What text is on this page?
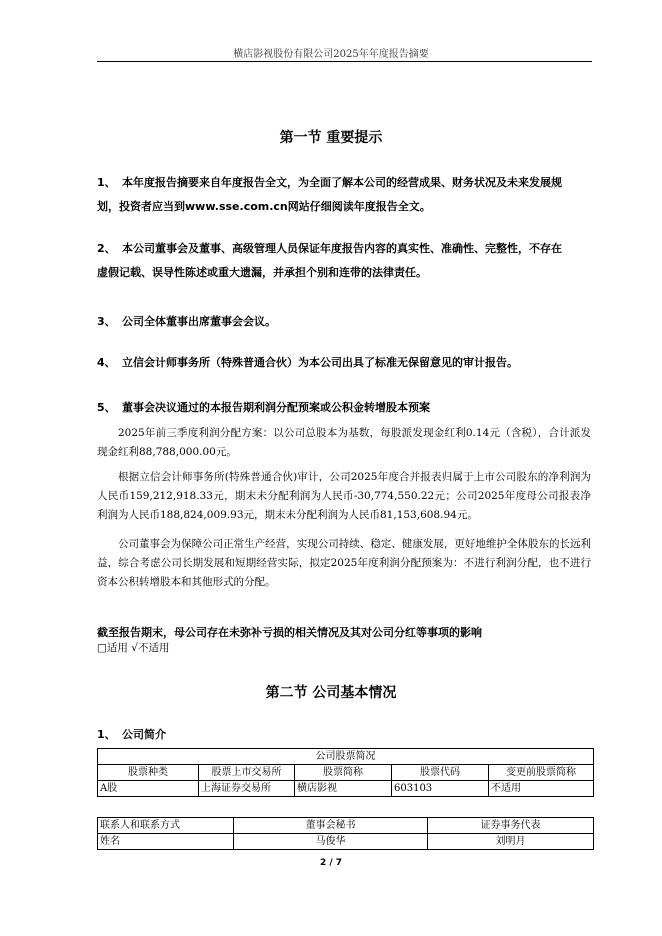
横店影视股份有限公司2025年年度报告摘要
第一节 重要提示
1、 本年度报告摘要来自年度报告全文，为全面了解本公司的经营成果、财务状况及未来发展规
划，投资者应当到www.sse.com.cn网站仔细阅读年度报告全文。
2、 本公司董事会及董事、高级管理人员保证年度报告内容的真实性、准确性、完整性，不存在
虚假记载、误导性陈述或重大遗漏，并承担个别和连带的法律责任。
3、 公司全体董事出席董事会会议。
4、 立信会计师事务所（特殊普通合伙）为本公司出具了标准无保留意见的审计报告。
5、 董事会决议通过的本报告期利润分配预案或公积金转增股本预案
2025年前三季度利润分配方案：以公司总股本为基数，每股派发现金红利0.14元（含税），合计派发现金红利88,788,000.00元。
根据立信会计师事务所(特殊普通合伙)审计，公司2025年度合并报表归属于上市公司股东的净利润为人民币159,212,918.33元，期末未分配利润为人民币-30,774,550.22元；公司2025年度母公司报表净利润为人民币188,824,009.93元，期末未分配利润为人民币81,153,608.94元。
公司董事会为保障公司正常生产经营，实现公司持续、稳定、健康发展，更好地维护全体股东的长远利益，综合考虑公司长期发展和短期经营实际，拟定2025年度利润分配预案为：不进行利润分配，也不进行资本公积转增股本和其他形式的分配。
截至报告期末，母公司存在未弥补亏损的相关情况及其对公司分红等事项的影响
□适用 √不适用
第二节 公司基本情况
1、 公司简介
公司股票简况				
股票种类	股票上市交易所	股票简称	股票代码	变更前股票简称
A股	上海证券交易所	横店影视	603103	不适用
联系人和联系方式	董事会秘书	证券事务代表
姓名	马俊华	刘明月
2 / 7
